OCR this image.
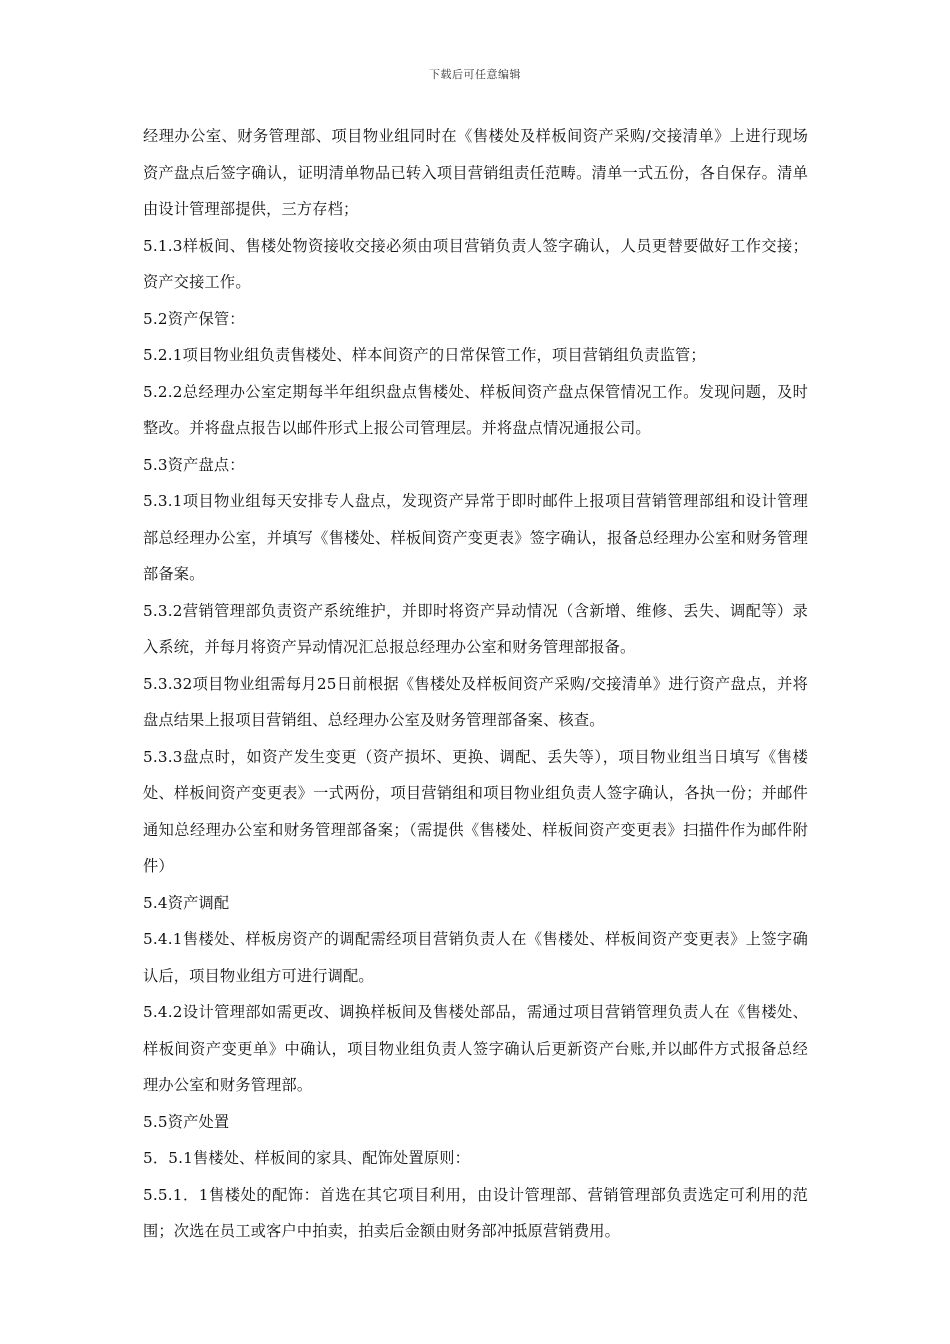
下载后可任意编辑

经理办公室、财务管理部、项目物业组同时在《售楼处及样板间资产采购/交接清单》上进行现场资产盘点后签字确认，证明清单物品已转入项目营销组责任范畴。清单一式五份，各自保存。清单由设计管理部提供，三方存档；

5.1.3样板间、售楼处物资接收交接必须由项目营销负责人签字确认，人员更替要做好工作交接；资产交接工作。

5.2资产保管：

5.2.1项目物业组负责售楼处、样本间资产的日常保管工作，项目营销组负责监管；

5.2.2总经理办公室定期每半年组织盘点售楼处、样板间资产盘点保管情况工作。发现问题，及时整改。并将盘点报告以邮件形式上报公司管理层。并将盘点情况通报公司。

5.3资产盘点：

5.3.1项目物业组每天安排专人盘点，发现资产异常于即时邮件上报项目营销管理部组和设计管理部总经理办公室，并填写《售楼处、样板间资产变更表》签字确认，报备总经理办公室和财务管理部备案。

5.3.2营销管理部负责资产系统维护，并即时将资产异动情况（含新增、维修、丢失、调配等）录入系统，并每月将资产异动情况汇总报总经理办公室和财务管理部报备。

5.3.32项目物业组需每月25日前根据《售楼处及样板间资产采购/交接清单》进行资产盘点，并将盘点结果上报项目营销组、总经理办公室及财务管理部备案、核查。

5.3.3盘点时，如资产发生变更（资产损坏、更换、调配、丢失等），项目物业组当日填写《售楼处、样板间资产变更表》一式两份，项目营销组和项目物业组负责人签字确认，各执一份；并邮件通知总经理办公室和财务管理部备案；（需提供《售楼处、样板间资产变更表》扫描件作为邮件附件）

5.4资产调配

5.4.1售楼处、样板房资产的调配需经项目营销负责人在《售楼处、样板间资产变更表》上签字确认后，项目物业组方可进行调配。

5.4.2设计管理部如需更改、调换样板间及售楼处部品，需通过项目营销管理负责人在《售楼处、样板间资产变更单》中确认，项目物业组负责人签字确认后更新资产台账,并以邮件方式报备总经理办公室和财务管理部。

5.5资产处置

5．5.1售楼处、样板间的家具、配饰处置原则：

5.5.1．1售楼处的配饰：首选在其它项目利用，由设计管理部、营销管理部负责选定可利用的范围；次选在员工或客户中拍卖，拍卖后金额由财务部冲抵原营销费用。
